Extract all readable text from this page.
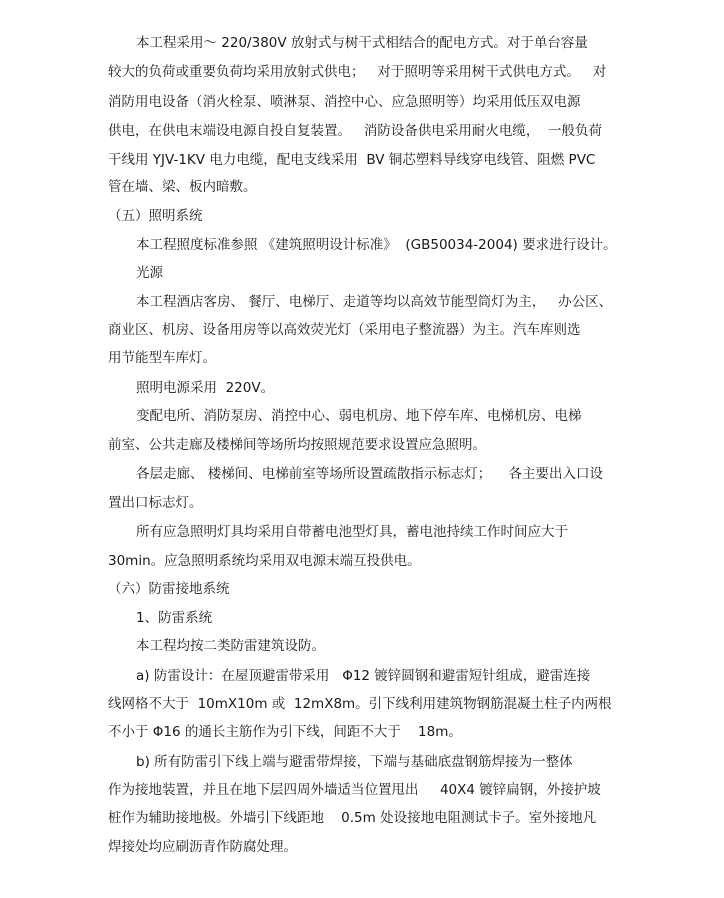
本工程采用～ 220/380V 放射式与树干式相结合的配电方式。对于单台容量
较大的负荷或重要负荷均采用放射式供电；   对于照明等采用树干式供电方式。   对
消防用电设备（消火栓泵、喷淋泵、消控中心、应急照明等）均采用低压双电源
供电，在供电末端设电源自投自复装置。   消防设备供电采用耐火电缆，  一般负荷
干线用 YJV-1KV 电力电缆，配电支线采用  BV 铜芯塑料导线穿电线管、阻燃 PVC
管在墙、梁、板内暗敷。
（五）照明系统
本工程照度标准参照 《建筑照明设计标准》  (GB50034-2004) 要求进行设计。
光源
本工程酒店客房、 餐厅、电梯厅、走道等均以高效节能型筒灯为主，   办公区、
商业区、机房、设备用房等以高效荧光灯（采用电子整流器）为主。汽车库则选
用节能型车库灯。
照明电源采用  220V。
变配电所、消防泵房、消控中心、弱电机房、地下停车库、电梯机房、电梯
前室、公共走廊及楼梯间等场所均按照规范要求设置应急照明。
各层走廊、 楼梯间、电梯前室等场所设置疏散指示标志灯；    各主要出入口设
置出口标志灯。
所有应急照明灯具均采用自带蓄电池型灯具，蓄电池持续工作时间应大于
30min。应急照明系统均采用双电源末端互投供电。
（六）防雷接地系统
1、防雷系统
本工程均按二类防雷建筑设防。
a) 防雷设计：在屋顶避雷带采用   Φ12 镀锌圆钢和避雷短针组成，避雷连接
线网格不大于  10mX10m 或  12mX8m。引下线利用建筑物钢筋混凝土柱子内两根
不小于 Φ16 的通长主筋作为引下线，间距不大于    18m。
b) 所有防雷引下线上端与避雷带焊接，下端与基础底盘钢筋焊接为一整体
作为接地装置，并且在地下层四周外墙适当位置甩出     40X4 镀锌扁钢，外接护坡
桩作为辅助接地极。外墙引下线距地    0.5m 处设接地电阻测试卡子。室外接地凡
焊接处均应刷沥青作防腐处理。
